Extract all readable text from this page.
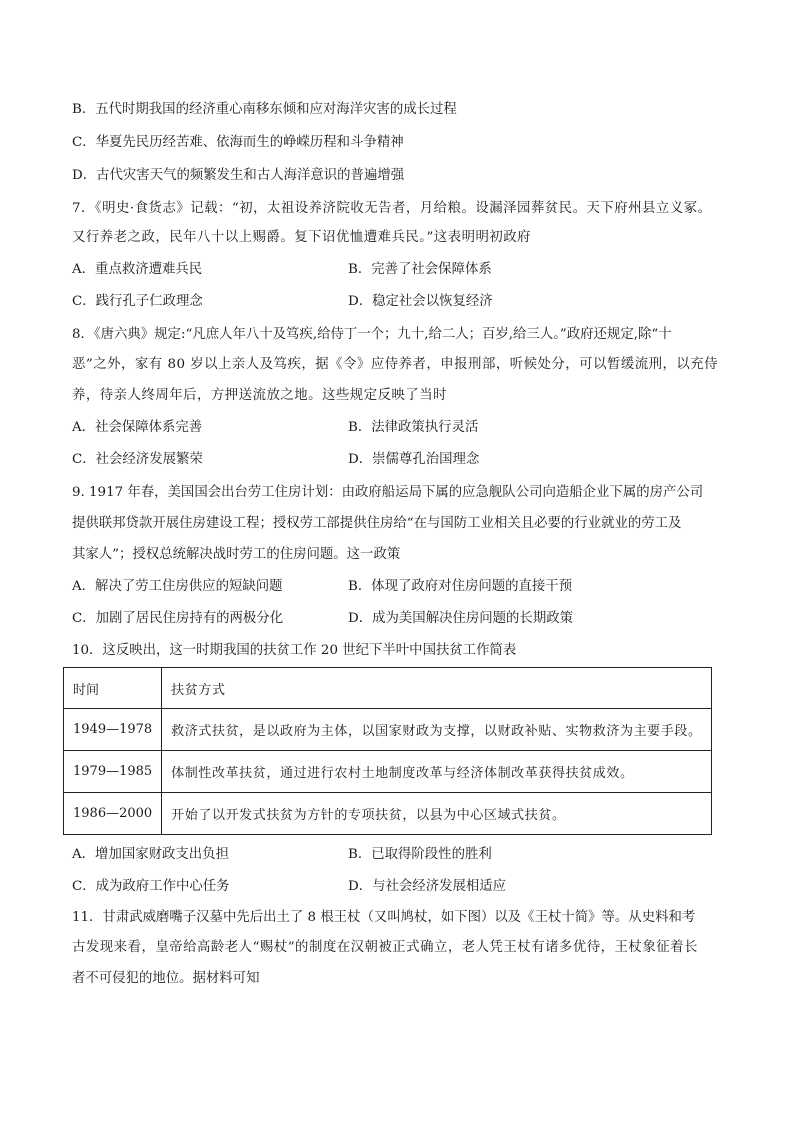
B．五代时期我国的经济重心南移东倾和应对海洋灾害的成长过程
C．华夏先民历经苦难、依海而生的峥嵘历程和斗争精神
D．古代灾害天气的频繁发生和古人海洋意识的普遍增强
7．《明史·食货志》记载：“初，太祖设养济院收无告者，月给粮。设漏泽园葬贫民。天下府州县立义冢。
又行养老之政，民年八十以上赐爵。复下诏优恤遭难兵民。”这表明明初政府
A．重点救济遭难兵民	B．完善了社会保障体系
C．践行孔子仁政理念	D．稳定社会以恢复经济
8．《唐六典》规定:“凡庶人年八十及笃疾,给侍丁一个；九十,给二人；百岁,给三人。”政府还规定,除“十
恶”之外，家有 80 岁以上亲人及笃疾，据《令》应侍养者，申报刑部，听候处分，可以暂缓流刑，以充侍
养，待亲人终周年后，方押送流放之地。这些规定反映了当时
A．社会保障体系完善	B．法律政策执行灵活
C．社会经济发展繁荣	D．崇儒尊孔治国理念
9. 1917 年春，美国国会出台劳工住房计划：由政府船运局下属的应急舰队公司向造船企业下属的房产公司
提供联邦贷款开展住房建设工程；授权劳工部提供住房给“在与国防工业相关且必要的行业就业的劳工及
其家人”；授权总统解决战时劳工的住房问题。这一政策
A．解决了劳工住房供应的短缺问题	B．体现了政府对住房问题的直接干预
C．加剧了居民住房持有的两极分化	D．成为美国解决住房问题的长期政策
10．这反映出，这一时期我国的扶贫工作 20 世纪下半叶中国扶贫工作简表
时间	扶贫方式
1949—1978	救济式扶贫，是以政府为主体，以国家财政为支撑，以财政补贴、实物救济为主要手段。
1979—1985	体制性改革扶贫，通过进行农村土地制度改革与经济体制改革获得扶贫成效。
1986—2000	开始了以开发式扶贫为方针的专项扶贫，以县为中心区域式扶贫。
A．增加国家财政支出负担	B．已取得阶段性的胜利
C．成为政府工作中心任务	D．与社会经济发展相适应
11．甘肃武威磨嘴子汉墓中先后出土了 8 根王杖（又叫鸠杖，如下图）以及《王杖十简》等。从史料和考
古发现来看，皇帝给高龄老人“赐杖”的制度在汉朝被正式确立，老人凭王杖有诸多优待，王杖象征着长
者不可侵犯的地位。据材料可知
